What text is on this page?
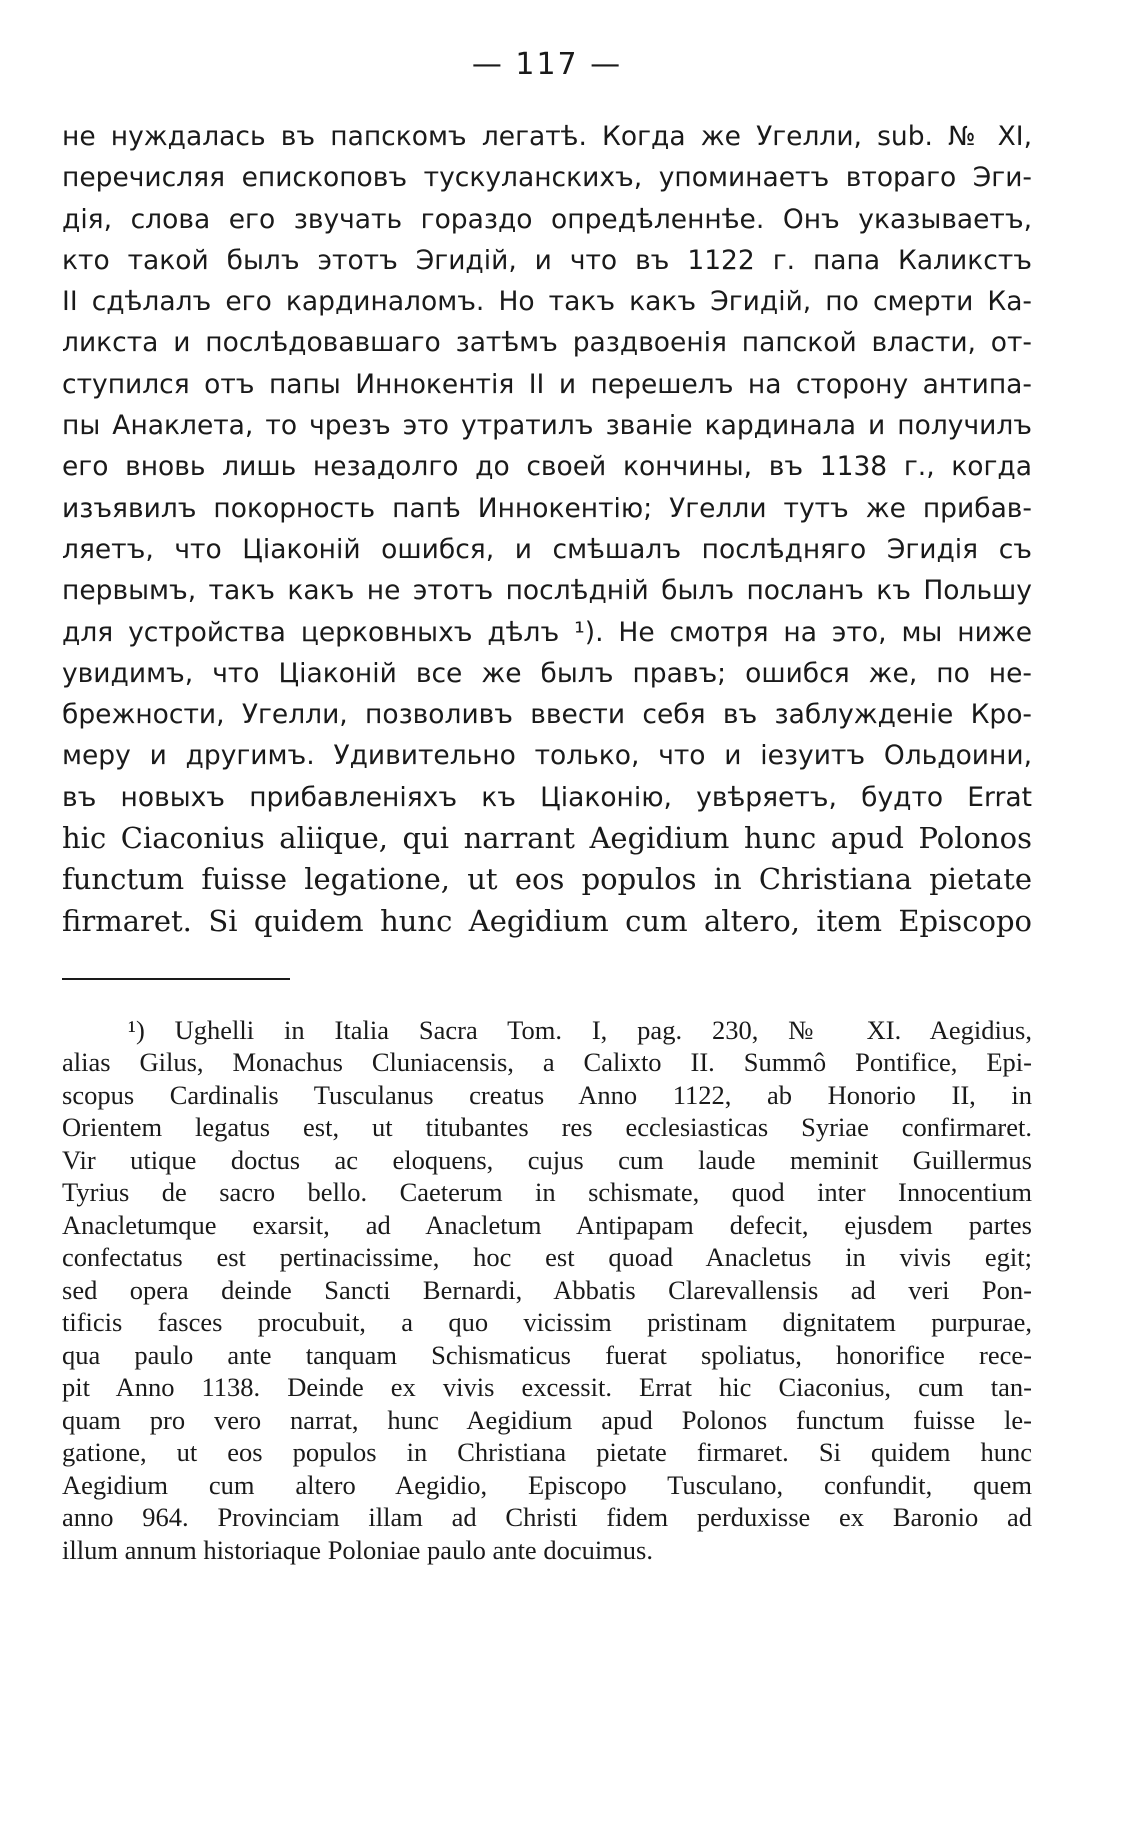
— 117 —
не нуждалась въ папскомъ легатѣ. Когда же Угелли, sub. № XI,
перечисляя епископовъ тускуланскихъ, упоминаетъ втораго Эги-
дія, слова его звучать гораздо опредѣленнѣе. Онъ указываетъ,
кто такой былъ этотъ Эгидій, и что въ 1122 г. папа Каликстъ
II сдѣлалъ его кардиналомъ. Но такъ какъ Эгидій, по смерти Ка-
ликста и послѣдовавшаго затѣмъ раздвоенія папской власти, от-
ступился отъ папы Иннокентія II и перешелъ на сторону антипа-
пы Анаклета, то чрезъ это утратилъ званіе кардинала и получилъ
его вновь лишь незадолго до своей кончины, въ 1138 г., когда
изъявилъ покорность папѣ Иннокентію; Угелли тутъ же прибав-
ляетъ, что Ціаконій ошибся, и смѣшалъ послѣдняго Эгидія съ
первымъ, такъ какъ не этотъ послѣдній былъ посланъ къ Польшу
для устройства церковныхъ дѣлъ ¹). Не смотря на это, мы ниже
увидимъ, что Ціаконій все же былъ правъ; ошибся же, по не-
брежности, Угелли, позволивъ ввести себя въ заблужденіе Кро-
меру и другимъ. Удивительно только, что и іезуитъ Ольдоини,
въ новыхъ прибавленіяхъ къ Ціаконію, увѣряетъ, будто Errat
hic Ciaconius aliique, qui narrant Aegidium hunc apud Polonos
functum fuisse legatione, ut eos populos in Christiana pietate
firmaret. Si quidem hunc Aegidium cum altero, item Episcopo
¹) Ughelli in Italia Sacra Tom. I, pag. 230, № XI. Aegidius,
alias Gilus, Monachus Cluniacensis, a Calixto II. Summô Pontifice, Epi-
scopus Cardinalis Tusculanus creatus Anno 1122, ab Honorio II, in
Orientem legatus est, ut titubantes res ecclesiasticas Syriae confirmaret.
Vir utique doctus ac eloquens, cujus cum laude meminit Guillermus
Tyrius de sacro bello. Caeterum in schismate, quod inter Innocentium
Anacletumque exarsit, ad Anacletum Antipapam defecit, ejusdem partes
confectatus est pertinacissime, hoc est quoad Anacletus in vivis egit;
sed opera deinde Sancti Bernardi, Abbatis Clarevallensis ad veri Pon-
tificis fasces procubuit, a quo vicissim pristinam dignitatem purpurae,
qua paulo ante tanquam Schismaticus fuerat spoliatus, honorifice rece-
pit Anno 1138. Deinde ex vivis excessit. Errat hic Ciaconius, cum tan-
quam pro vero narrat, hunc Aegidium apud Polonos functum fuisse le-
gatione, ut eos populos in Christiana pietate firmaret. Si quidem hunc
Aegidium cum altero Aegidio, Episcopo Tusculano, confundit, quem
anno 964. Provinciam illam ad Christi fidem perduxisse ex Baronio ad
illum annum historiaque Poloniae paulo ante docuimus.
